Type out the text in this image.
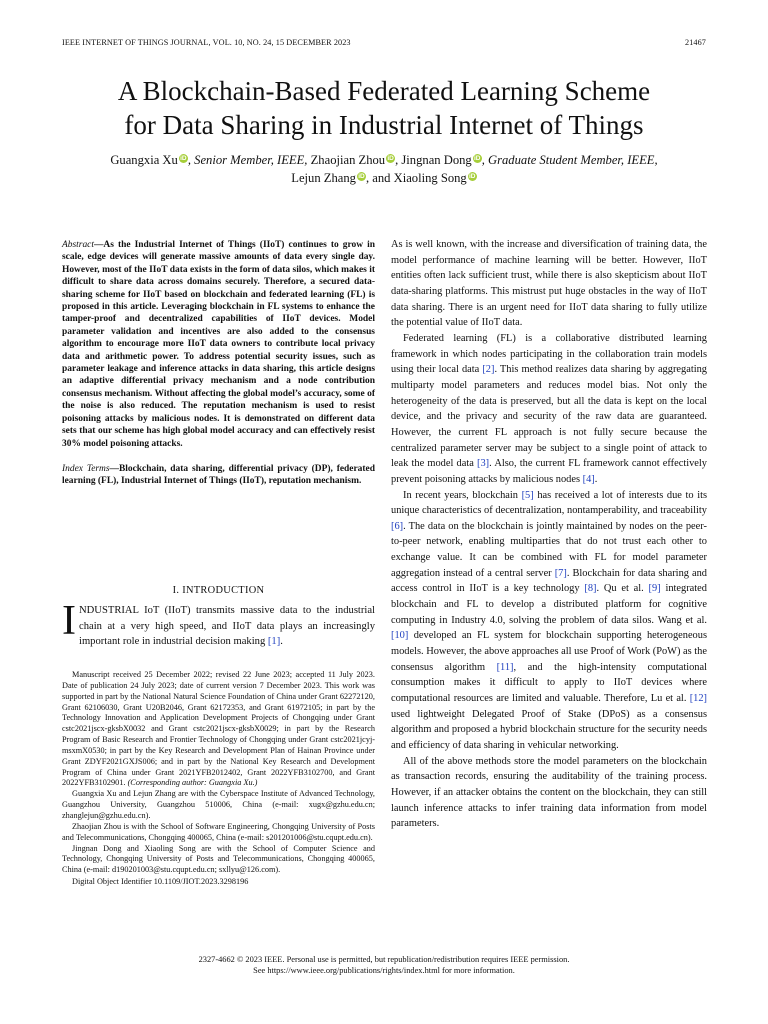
IEEE INTERNET OF THINGS JOURNAL, VOL. 10, NO. 24, 15 DECEMBER 2023	21467
A Blockchain-Based Federated Learning Scheme
for Data Sharing in Industrial Internet of Things
Guangxia Xu iD, Senior Member, IEEE, Zhaojian Zhou iD, Jingnan Dong iD, Graduate Student Member, IEEE,
Lejun Zhang iD, and Xiaoling Song iD
Abstract—As the Industrial Internet of Things (IIoT) continues to grow in scale, edge devices will generate massive amounts of data every single day. However, most of the IIoT data exists in the form of data silos, which makes it difficult to share data across domains securely. Therefore, a secured data-sharing scheme for IIoT based on blockchain and federated learning (FL) is proposed in this article. Leveraging blockchain in FL systems to enhance the tamper-proof and decentralized capabilities of IIoT devices. Model parameter validation and incentives are also added to the consensus algorithm to encourage more IIoT data owners to contribute local privacy data and arithmetic power. To address potential security issues, such as parameter leakage and inference attacks in data sharing, this article designs an adaptive differential privacy mechanism and a node contribution consensus mechanism. Without affecting the global model’s accuracy, some of the noise is also reduced. The reputation mechanism is used to resist poisoning attacks by malicious nodes. It is demonstrated on different data sets that our scheme has high global model accuracy and can effectively resist 30% model poisoning attacks.
Index Terms—Blockchain, data sharing, differential privacy (DP), federated learning (FL), Industrial Internet of Things (IIoT), reputation mechanism.
I. INTRODUCTION
INDUSTRIAL IoT (IIoT) transmits massive data to the industrial chain at a very high speed, and IIoT data plays an increasingly important role in industrial decision making [1].

Manuscript received 25 December 2022; revised 22 June 2023; accepted 11 July 2023. Date of publication 24 July 2023; date of current version 7 December 2023. This work was supported in part by the National Natural Science Foundation of China under Grant 62272120, Grant 62106030, Grant U20B2046, Grant 62172353, and Grant 61972105; in part by the Technology Innovation and Application Development Projects of Chongqing under Grant cstc2021jscx-gksbX0032 and Grant cstc2021jscx-gksbX0029; in part by the Research Program of Basic Research and Frontier Technology of Chongqing under Grant cstc2021jcyj-msxmX0530; in part by the Key Research and Development Plan of Hainan Province under Grant ZDYF2021GXJS006; and in part by the National Key Research and Development Program of China under Grant 2021YFB2012402, Grant 2022YFB3102700, and Grant 2022YFB3102901. (Corresponding author: Guangxia Xu.)

Guangxia Xu and Lejun Zhang are with the Cyberspace Institute of Advanced Technology, Guangzhou University, Guangzhou 510006, China (e-mail: xugx@gzhu.edu.cn; zhanglejun@gzhu.edu.cn).

Zhaojian Zhou is with the School of Software Engineering, Chongqing University of Posts and Telecommunications, Chongqing 400065, China (e-mail: s201201006@stu.cqupt.edu.cn).

Jingnan Dong and Xiaoling Song are with the School of Computer Science and Technology, Chongqing University of Posts and Telecommunications, Chongqing 400065, China (e-mail: d190201003@stu.cqupt.edu.cn; sxllyu@126.com).

Digital Object Identifier 10.1109/JIOT.2023.3298196

As is well known, with the increase and diversification of training data, the model performance of machine learning will be better. However, IIoT entities often lack sufficient trust, while there is also skepticism about IIoT data-sharing platforms. This mistrust put huge obstacles in the way of IIoT data sharing. There is an urgent need for IIoT data sharing to fully utilize the potential value of IIoT data.

Federated learning (FL) is a collaborative distributed learning framework in which nodes participating in the collaboration train models using their local data [2]. This method realizes data sharing by aggregating multiparty model parameters and reduces model bias. Not only the heterogeneity of the data is preserved, but all the data is kept on the local device, and the privacy and security of the raw data are guaranteed. However, the current FL approach is not fully secure because the centralized parameter server may be subject to a single point of attack to leak the model data [3]. Also, the current FL framework cannot effectively prevent poisoning attacks by malicious nodes [4].

In recent years, blockchain [5] has received a lot of interests due to its unique characteristics of decentralization, nontamperability, and traceability [6]. The data on the blockchain is jointly maintained by nodes on the peer-to-peer network, enabling multiparties that do not trust each other to exchange value. It can be combined with FL for model parameter aggregation instead of a central server [7]. Blockchain for data sharing and access control in IIoT is a key technology [8]. Qu et al. [9] integrated blockchain and FL to develop a distributed platform for cognitive computing in Industry 4.0, solving the problem of data silos. Wang et al. [10] developed an FL system for blockchain supporting heterogeneous models. However, the above approaches all use Proof of Work (PoW) as the consensus algorithm [11], and the high-intensity computational consumption makes it difficult to apply to IIoT devices where computational resources are limited and valuable. Therefore, Lu et al. [12] used lightweight Delegated Proof of Stake (DPoS) as a consensus algorithm and proposed a hybrid blockchain structure for the security needs and efficiency of data sharing in vehicular networking.

All of the above methods store the model parameters on the blockchain as transaction records, ensuring the auditability of the training process. However, if an attacker obtains the content on the blockchain, they can still launch inference attacks to infer training data information from model parameters.

2327-4662 © 2023 IEEE. Personal use is permitted, but republication/redistribution requires IEEE permission.
See https://www.ieee.org/publications/rights/index.html for more information.
